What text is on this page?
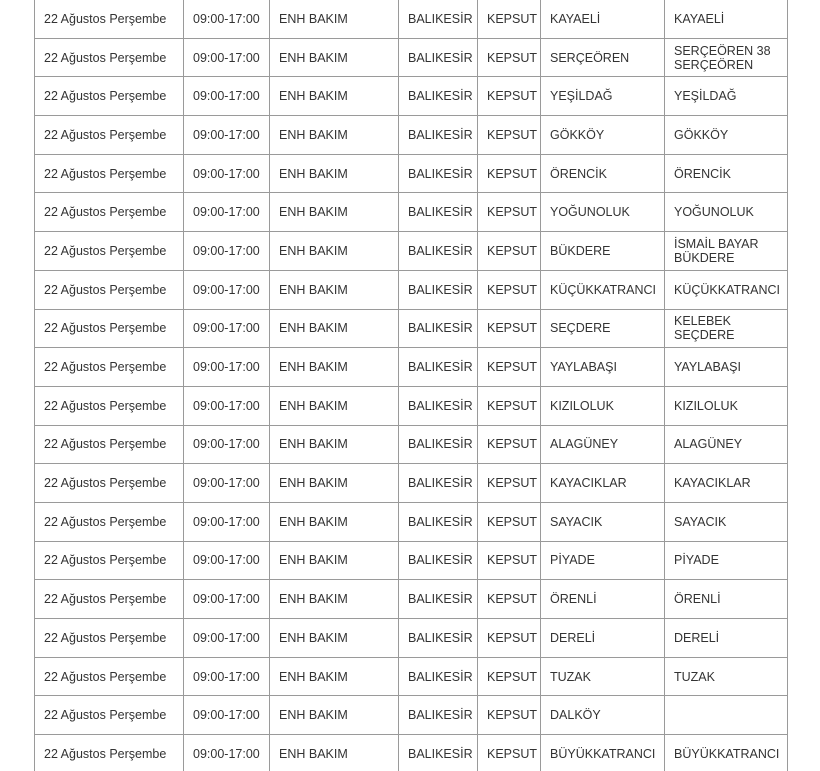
22 Ağustos Perşembe	09:00-17:00	ENH BAKIM	BALIKESİR	KEPSUT	KAYAELİ	KAYAELİ
22 Ağustos Perşembe	09:00-17:00	ENH BAKIM	BALIKESİR	KEPSUT	SERÇEÖREN	SERÇEÖREN 38
SERÇEÖREN
22 Ağustos Perşembe	09:00-17:00	ENH BAKIM	BALIKESİR	KEPSUT	YEŞİLDAĞ	YEŞİLDAĞ
22 Ağustos Perşembe	09:00-17:00	ENH BAKIM	BALIKESİR	KEPSUT	GÖKKÖY	GÖKKÖY
22 Ağustos Perşembe	09:00-17:00	ENH BAKIM	BALIKESİR	KEPSUT	ÖRENCİK	ÖRENCİK
22 Ağustos Perşembe	09:00-17:00	ENH BAKIM	BALIKESİR	KEPSUT	YOĞUNOLUK	YOĞUNOLUK
22 Ağustos Perşembe	09:00-17:00	ENH BAKIM	BALIKESİR	KEPSUT	BÜKDERE	İSMAİL BAYAR
BÜKDERE
22 Ağustos Perşembe	09:00-17:00	ENH BAKIM	BALIKESİR	KEPSUT	KÜÇÜKKATRANCI	KÜÇÜKKATRANCI
22 Ağustos Perşembe	09:00-17:00	ENH BAKIM	BALIKESİR	KEPSUT	SEÇDERE	KELEBEK
SEÇDERE
22 Ağustos Perşembe	09:00-17:00	ENH BAKIM	BALIKESİR	KEPSUT	YAYLABAŞI	YAYLABAŞI
22 Ağustos Perşembe	09:00-17:00	ENH BAKIM	BALIKESİR	KEPSUT	KIZILOLUK	KIZILOLUK
22 Ağustos Perşembe	09:00-17:00	ENH BAKIM	BALIKESİR	KEPSUT	ALAGÜNEY	ALAGÜNEY
22 Ağustos Perşembe	09:00-17:00	ENH BAKIM	BALIKESİR	KEPSUT	KAYACIKLAR	KAYACIKLAR
22 Ağustos Perşembe	09:00-17:00	ENH BAKIM	BALIKESİR	KEPSUT	SAYACIK	SAYACIK
22 Ağustos Perşembe	09:00-17:00	ENH BAKIM	BALIKESİR	KEPSUT	PİYADE	PİYADE
22 Ağustos Perşembe	09:00-17:00	ENH BAKIM	BALIKESİR	KEPSUT	ÖRENLİ	ÖRENLİ
22 Ağustos Perşembe	09:00-17:00	ENH BAKIM	BALIKESİR	KEPSUT	DERELİ	DERELİ
22 Ağustos Perşembe	09:00-17:00	ENH BAKIM	BALIKESİR	KEPSUT	TUZAK	TUZAK
22 Ağustos Perşembe	09:00-17:00	ENH BAKIM	BALIKESİR	KEPSUT	DALKÖY	
22 Ağustos Perşembe	09:00-17:00	ENH BAKIM	BALIKESİR	KEPSUT	BÜYÜKKATRANCI	BÜYÜKKATRANCI
